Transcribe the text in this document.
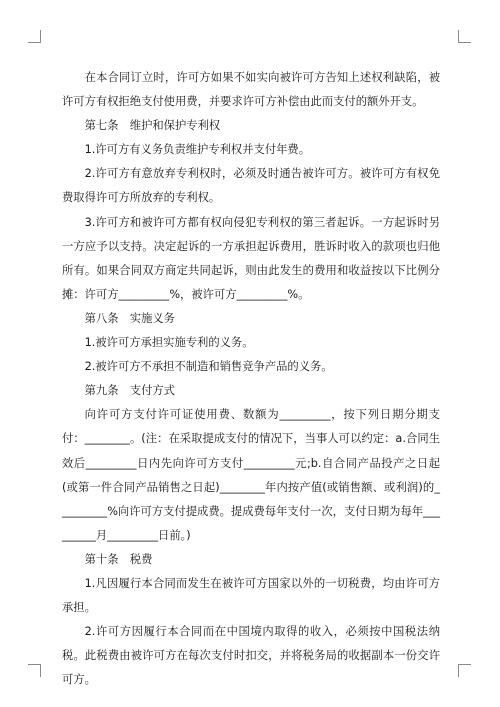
在本合同订立时，许可方如果不如实向被许可方告知上述权利缺陷，被许可方有权拒绝支付使用费，并要求许可方补偿由此而支付的额外开支。

第七条　维护和保护专利权

1.许可方有义务负责维护专利权并支付年费。

2.许可方有意放弃专利权时，必须及时通告被许可方。被许可方有权免费取得许可方所放弃的专利权。

3.许可方和被许可方都有权向侵犯专利权的第三者起诉。一方起诉时另一方应予以支持。决定起诉的一方承担起诉费用，胜诉时收入的款项也归他所有。如果合同双方商定共同起诉，则由此发生的费用和收益按以下比例分摊：许可方_________%，被许可方_________%。

第八条　实施义务

1.被许可方承担实施专利的义务。

2.被许可方不承担不制造和销售竞争产品的义务。

第九条　支付方式

向许可方支付许可证使用费、数额为_________，按下列日期分期支付：________。(注：在采取提成支付的情况下，当事人可以约定：a.合同生效后_________日内先向许可方支付_________元;b.自合同产品投产之日起(或第一件合同产品销售之日起)________年内按产值(或销售额、或利润)的_________%向许可方支付提成费。提成费每年支付一次，支付日期为每年_________月_________日前。)

第十条　税费

1.凡因履行本合同而发生在被许可方国家以外的一切税费，均由许可方承担。

2.许可方因履行本合同而在中国境内取得的收入，必须按中国税法纳税。此税费由被许可方在每次支付时扣交，并将税务局的收据副本一份交许可方。
